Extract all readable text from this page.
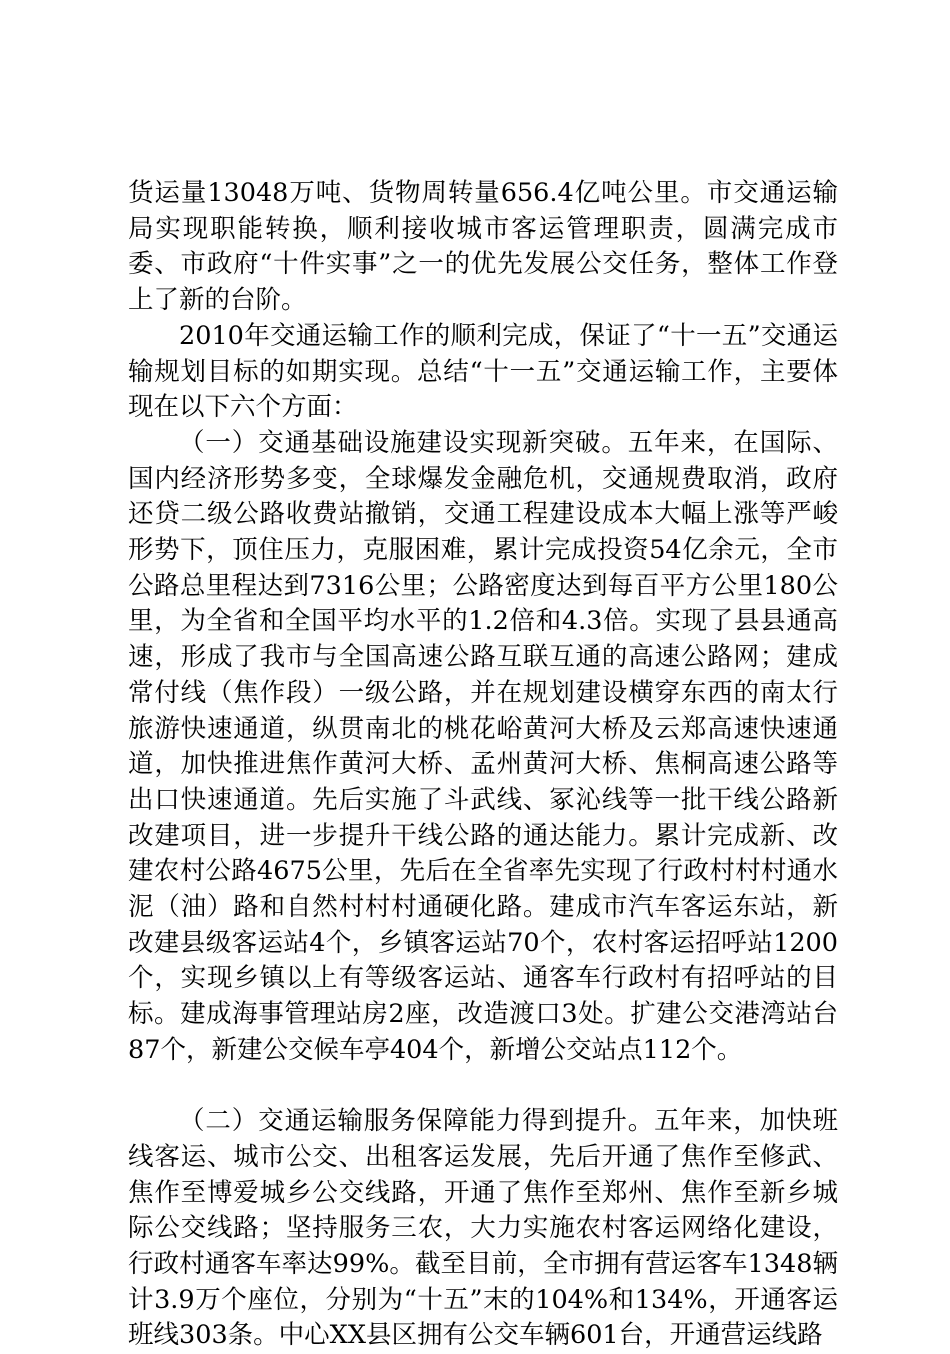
货运量13048万吨、货物周转量656.4亿吨公里。市交通运输局实现职能转换，顺利接收城市客运管理职责，圆满完成市委、市政府“十件实事”之一的优先发展公交任务，整体工作登上了新的台阶。

2010年交通运输工作的顺利完成，保证了“十一五”交通运输规划目标的如期实现。总结“十一五”交通运输工作，主要体现在以下六个方面：

（一）交通基础设施建设实现新突破。五年来，在国际、国内经济形势多变，全球爆发金融危机，交通规费取消，政府还贷二级公路收费站撤销，交通工程建设成本大幅上涨等严峻形势下，顶住压力，克服困难，累计完成投资54亿余元，全市公路总里程达到7316公里；公路密度达到每百平方公里180公里，为全省和全国平均水平的1.2倍和4.3倍。实现了县县通高速，形成了我市与全国高速公路互联互通的高速公路网；建成常付线（焦作段）一级公路，并在规划建设横穿东西的南太行旅游快速通道，纵贯南北的桃花峪黄河大桥及云郑高速快速通道，加快推进焦作黄河大桥、孟州黄河大桥、焦桐高速公路等出口快速通道。先后实施了斗武线、冢沁线等一批干线公路新改建项目，进一步提升干线公路的通达能力。累计完成新、改建农村公路4675公里，先后在全省率先实现了行政村村村通水泥（油）路和自然村村村通硬化路。建成市汽车客运东站，新改建县级客运站4个，乡镇客运站70个，农村客运招呼站1200个，实现乡镇以上有等级客运站、通客车行政村有招呼站的目标。建成海事管理站房2座，改造渡口3处。扩建公交港湾站台87个，新建公交候车亭404个，新增公交站点112个。

（二）交通运输服务保障能力得到提升。五年来，加快班线客运、城市公交、出租客运发展，先后开通了焦作至修武、焦作至博爱城乡公交线路，开通了焦作至郑州、焦作至新乡城际公交线路；坚持服务三农，大力实施农村客运网络化建设，行政村通客车率达99%。截至目前，全市拥有营运客车1348辆计3.9万个座位，分别为“十五”末的104%和134%，开通客运班线303条。中心XX县区拥有公交车辆601台，开通营运线路
